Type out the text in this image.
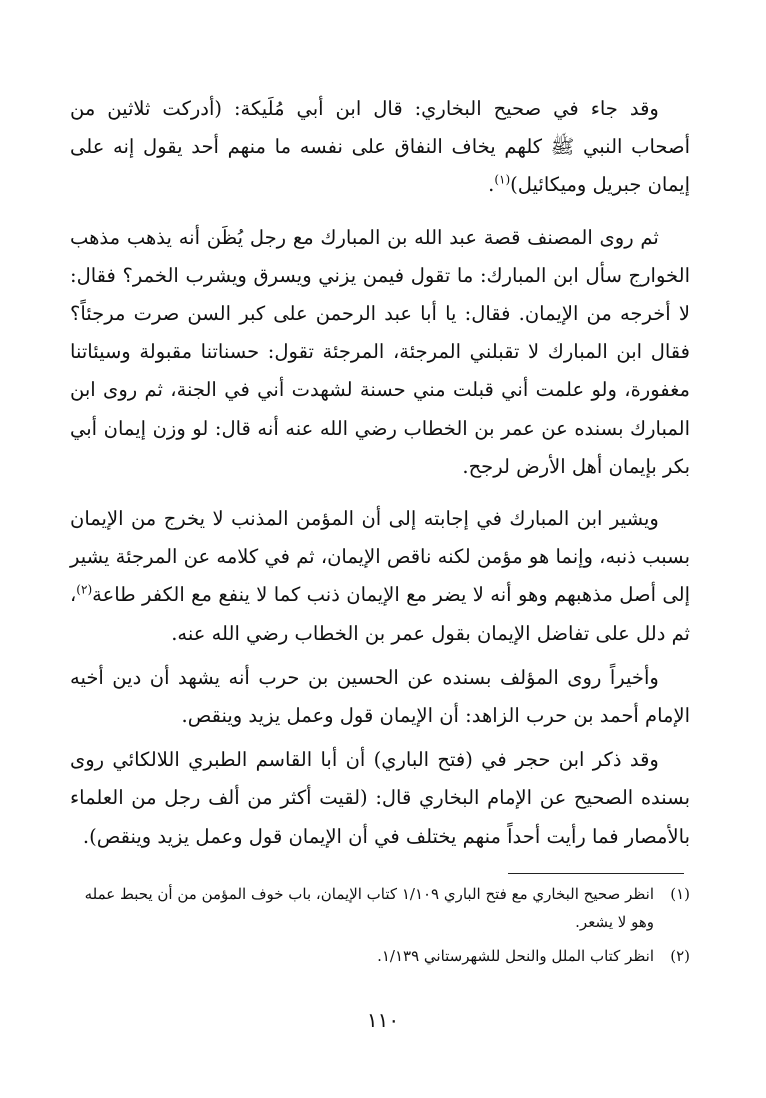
وقد جاء في صحيح البخاري: قال ابن أبي مُلَيكة: (أدركت ثلاثين من أصحاب النبي ﷺ كلهم يخاف النفاق على نفسه ما منهم أحد يقول إنه على إيمان جبريل وميكائيل)$^{(١)}$.

ثم روى المصنف قصة عبد الله بن المبارك مع رجل يُظَن أنه يذهب مذهب الخوارج سأل ابن المبارك: ما تقول فيمن يزني ويسرق ويشرب الخمر؟ فقال: لا أخرجه من الإيمان. فقال: يا أبا عبد الرحمن على كبر السن صرت مرجئاً؟ فقال ابن المبارك لا تقبلني المرجئة، المرجئة تقول: حسناتنا مقبولة وسيئاتنا مغفورة، ولو علمت أني قبلت مني حسنة لشهدت أني في الجنة، ثم روى ابن المبارك بسنده عن عمر بن الخطاب رضي الله عنه أنه قال: لو وزن إيمان أبي بكر بإيمان أهل الأرض لرجح.

ويشير ابن المبارك في إجابته إلى أن المؤمن المذنب لا يخرج من الإيمان بسبب ذنبه، وإنما هو مؤمن لكنه ناقص الإيمان، ثم في كلامه عن المرجئة يشير إلى أصل مذهبهم وهو أنه لا يضر مع الإيمان ذنب كما لا ينفع مع الكفر طاعة$^{(٢)}$، ثم دلل على تفاضل الإيمان بقول عمر بن الخطاب رضي الله عنه.

وأخيراً روى المؤلف بسنده عن الحسين بن حرب أنه يشهد أن دين أخيه الإمام أحمد بن حرب الزاهد: أن الإيمان قول وعمل يزيد وينقص.

وقد ذكر ابن حجر في (فتح الباري) أن أبا القاسم الطبري اللالكائي روى بسنده الصحيح عن الإمام البخاري قال: (لقيت أكثر من ألف رجل من العلماء بالأمصار فما رأيت أحداً منهم يختلف في أن الإيمان قول وعمل يزيد وينقص).

(١)
انظر صحيح البخاري مع فتح الباري ١/١٠٩ كتاب الإيمان، باب خوف المؤمن من أن يحبط عمله وهو لا يشعر.
(٢)
انظر كتاب الملل والنحل للشهرستاني ١/١٣٩.
١١٠
